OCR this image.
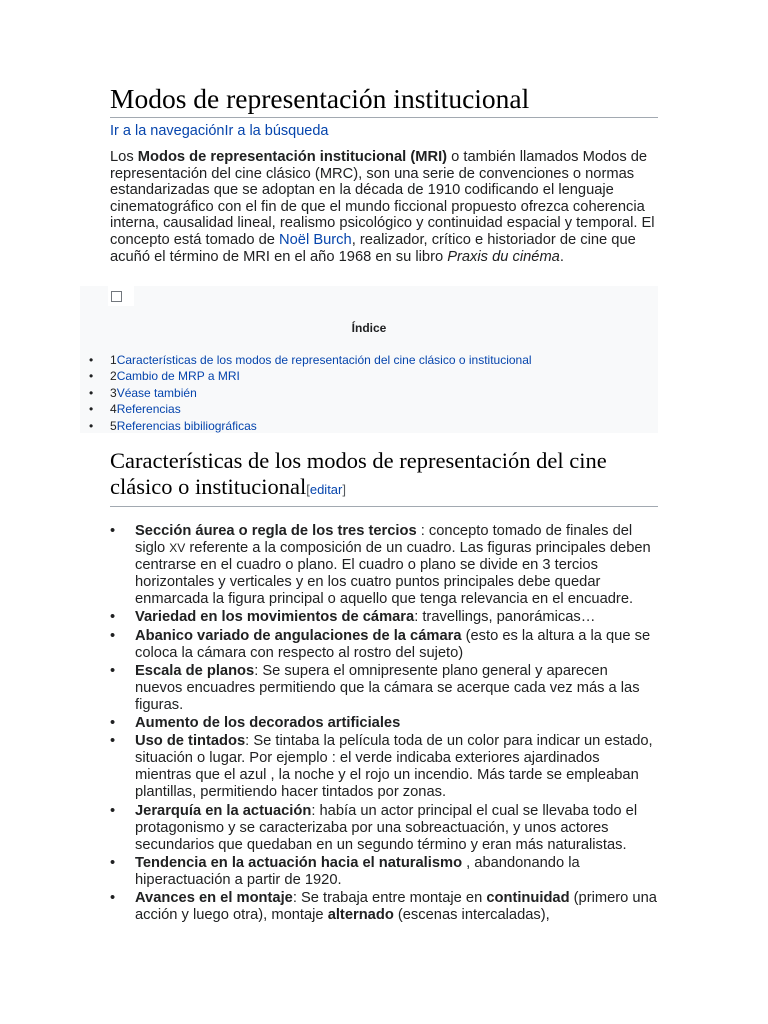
Modos de representación institucional
Ir a la navegaciónIr a la búsqueda
Los Modos de representación institucional (MRI) o también llamados Modos de representación del cine clásico (MRC), son una serie de convenciones o normas estandarizadas que se adoptan en la década de 1910 codificando el lenguaje cinematográfico con el fin de que el mundo ficcional propuesto ofrezca coherencia interna, causalidad lineal, realismo psicológico y continuidad espacial y temporal. El concepto está tomado de Noël Burch, realizador, crítico e historiador de cine que acuñó el término de MRI en el año 1968 en su libro Praxis du cinéma.
Índice
• 1Características de los modos de representación del cine clásico o institucional
• 2Cambio de MRP a MRI
• 3Véase también
• 4Referencias
• 5Referencias bibiliográficas
Características de los modos de representación del cine clásico o institucional[editar]
• Sección áurea o regla de los tres tercios : concepto tomado de finales del siglo XV referente a la composición de un cuadro. Las figuras principales deben centrarse en el cuadro o plano. El cuadro o plano se divide en 3 tercios horizontales y verticales y en los cuatro puntos principales debe quedar enmarcada la figura principal o aquello que tenga relevancia en el encuadre.
• Variedad en los movimientos de cámara: travellings, panorámicas…
• Abanico variado de angulaciones de la cámara (esto es la altura a la que se coloca la cámara con respecto al rostro del sujeto)
• Escala de planos: Se supera el omnipresente plano general y aparecen nuevos encuadres permitiendo que la cámara se acerque cada vez más a las figuras.
• Aumento de los decorados artificiales
• Uso de tintados: Se tintaba la película toda de un color para indicar un estado, situación o lugar. Por ejemplo : el verde indicaba exteriores ajardinados mientras que el azul , la noche y el rojo un incendio. Más tarde se empleaban plantillas, permitiendo hacer tintados por zonas.
• Jerarquía en la actuación: había un actor principal el cual se llevaba todo el protagonismo y se caracterizaba por una sobreactuación, y unos actores secundarios que quedaban en un segundo término y eran más naturalistas.
• Tendencia en la actuación hacia el naturalismo , abandonando la hiperactuación a partir de 1920.
• Avances en el montaje: Se trabaja entre montaje en continuidad (primero una acción y luego otra), montaje alternado (escenas intercaladas),
